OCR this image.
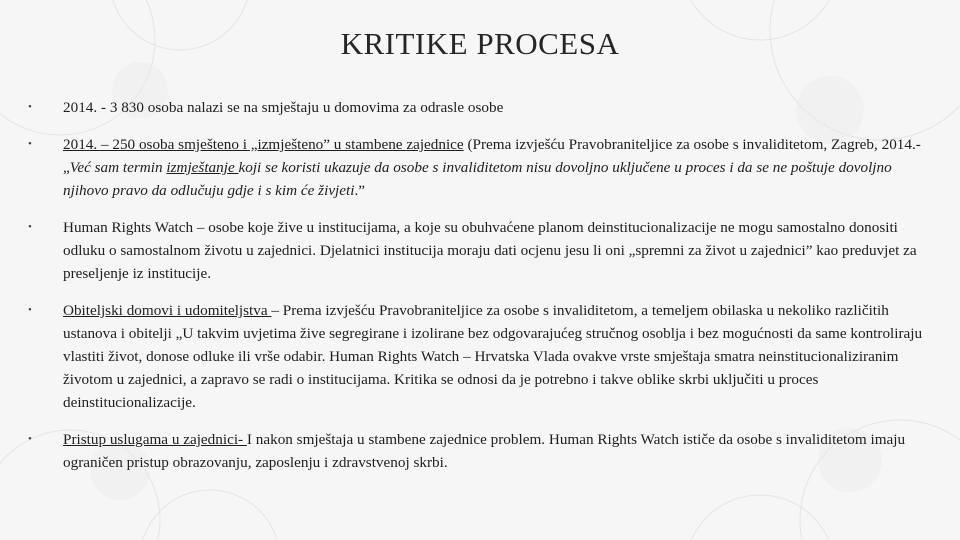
KRITIKE PROCESA
•	2014. - 3 830 osoba nalazi se na smještaju u domovima za odrasle osobe
•	2014. – 250 osoba smješteno i „izmješteno” u stambene zajednice (Prema izvješću Pravobraniteljice za osobe s invaliditetom, Zagreb, 2014.- „Već sam termin izmještanje koji se koristi ukazuje da osobe s invaliditetom nisu dovoljno uključene u proces i da se ne poštuje dovoljno njihovo pravo da odlučuju gdje i s kim će živjeti.”
•	Human Rights Watch – osobe koje žive u institucijama, a koje su obuhvaćene planom deinstitucionalizacije ne mogu samostalno donositi odluku o samostalnom životu u zajednici. Djelatnici institucija moraju dati ocjenu jesu li oni „spremni za život u zajednici” kao preduvjet za preseljenje iz institucije.
•	Obiteljski domovi i udomiteljstva – Prema izvješću Pravobraniteljice za osobe s invaliditetom, a temeljem obilaska u nekoliko različitih ustanova i obitelji „U takvim uvjetima žive segregirane i izolirane bez odgovarajućeg stručnog osoblja i bez mogućnosti da same kontroliraju vlastiti život, donose odluke ili vrše odabir. Human Rights Watch – Hrvatska Vlada ovakve vrste smještaja smatra neinstitucionaliziranim životom u zajednici, a zapravo se radi o institucijama. Kritika se odnosi da je potrebno i takve oblike skrbi uključiti u proces deinstitucionalizacije.
•	Pristup uslugama u zajednici- I nakon smještaja u stambene zajednice problem. Human Rights Watch ističe da osobe s invaliditetom imaju ograničen pristup obrazovanju, zaposlenju i zdravstvenoj skrbi.
